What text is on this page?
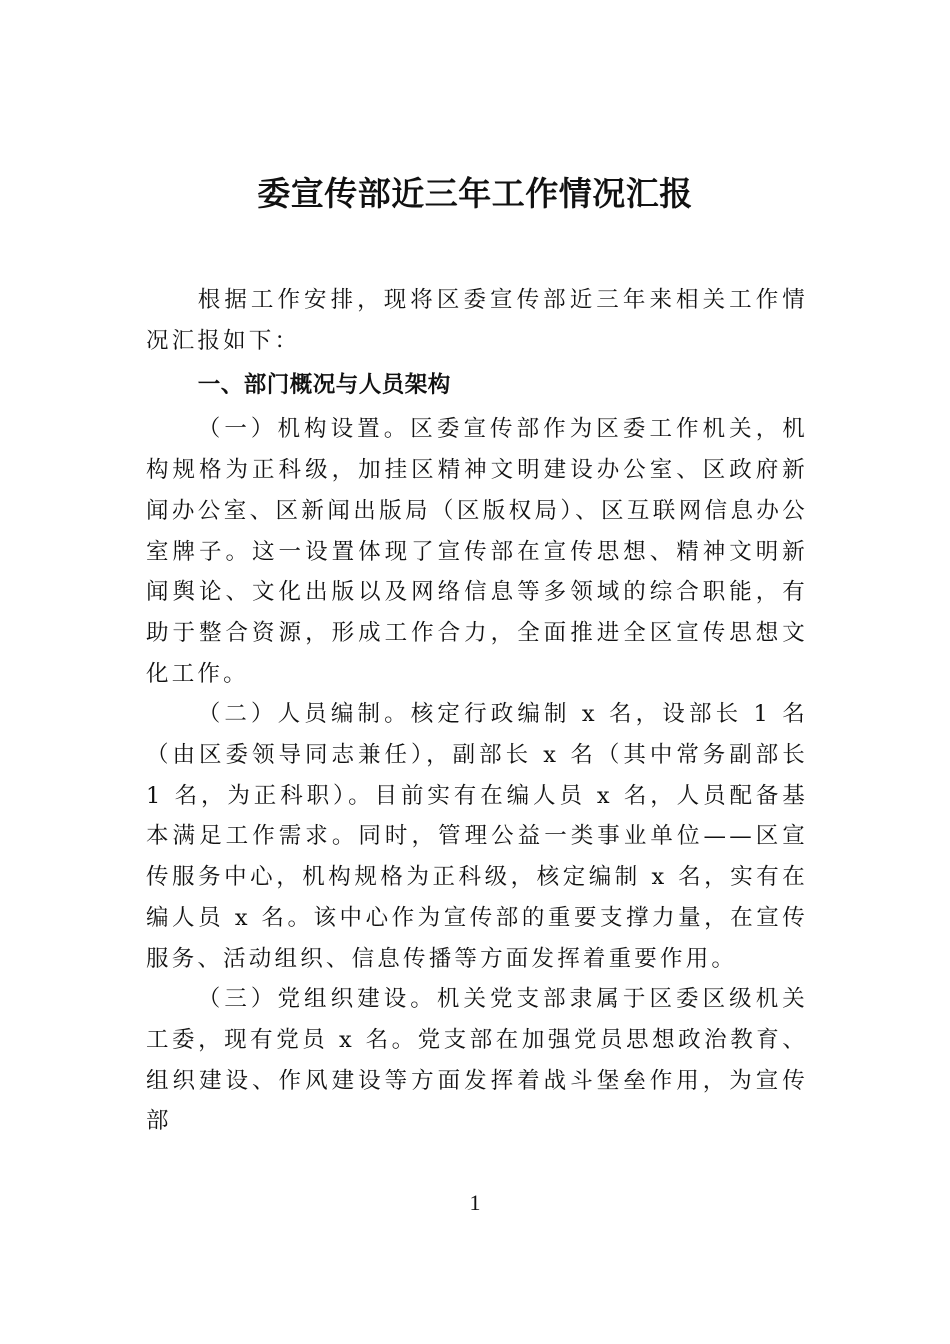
委宣传部近三年工作情况汇报

根据工作安排，现将区委宣传部近三年来相关工作情况汇报如下：

一、部门概况与人员架构

（一）机构设置。区委宣传部作为区委工作机关，机构规格为正科级，加挂区精神文明建设办公室、区政府新闻办公室、区新闻出版局（区版权局）、区互联网信息办公室牌子。这一设置体现了宣传部在宣传思想、精神文明新闻舆论、文化出版以及网络信息等多领域的综合职能，有助于整合资源，形成工作合力，全面推进全区宣传思想文化工作。

（二）人员编制。核定行政编制 x 名，设部长 1 名（由区委领导同志兼任），副部长 x 名（其中常务副部长 1 名，为正科职）。目前实有在编人员 x 名，人员配备基本满足工作需求。同时，管理公益一类事业单位——区宣传服务中心，机构规格为正科级，核定编制 x 名，实有在编人员 x 名。该中心作为宣传部的重要支撑力量，在宣传服务、活动组织、信息传播等方面发挥着重要作用。

（三）党组织建设。机关党支部隶属于区委区级机关工委，现有党员 x 名。党支部在加强党员思想政治教育、组织建设、作风建设等方面发挥着战斗堡垒作用，为宣传部

1
